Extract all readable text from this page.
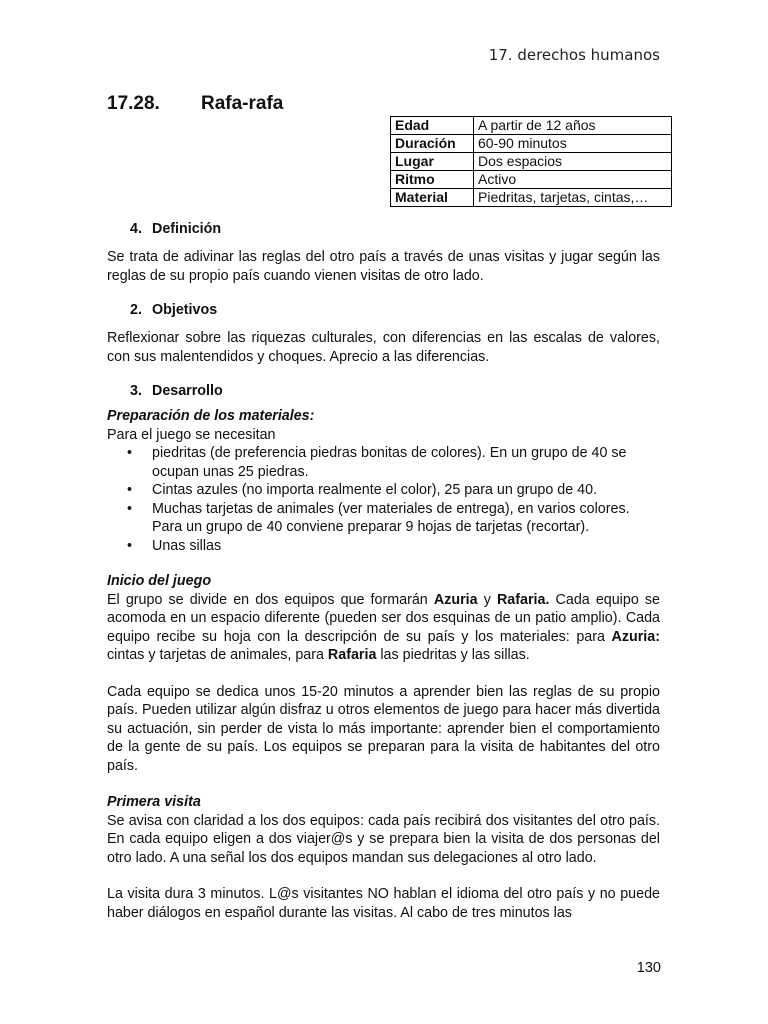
17. derechos humanos
17.28. Rafa-rafa
Edad	A partir de 12 años
Duración	60-90 minutos
Lugar	Dos espacios
Ritmo	Activo
Material	Piedritas, tarjetas, cintas,…
4. Definición

Se trata de adivinar las reglas del otro país a través de unas visitas y jugar según las reglas de su propio país cuando vienen visitas de otro lado.

2. Objetivos

Reflexionar sobre las riquezas culturales, con diferencias en las escalas de valores, con sus malentendidos y choques. Aprecio a las diferencias.

3. Desarrollo

Preparación de los materiales:

Para el juego se necesitan

• piedritas (de preferencia piedras bonitas de colores). En un grupo de 40 se ocupan unas 25 piedras.
• Cintas azules (no importa realmente el color), 25 para un grupo de 40.
• Muchas tarjetas de animales (ver materiales de entrega), en varios colores. Para un grupo de 40 conviene preparar 9 hojas de tarjetas (recortar).
• Unas sillas

Inicio del juego

El grupo se divide en dos equipos que formarán Azuria y Rafaria. Cada equipo se acomoda en un espacio diferente (pueden ser dos esquinas de un patio amplio). Cada equipo recibe su hoja con la descripción de su país y los materiales: para Azuria: cintas y tarjetas de animales, para Rafaria las piedritas y las sillas.

Cada equipo se dedica unos 15-20 minutos a aprender bien las reglas de su propio país. Pueden utilizar algún disfraz u otros elementos de juego para hacer más divertida su actuación, sin perder de vista lo más importante: aprender bien el comportamiento de la gente de su país. Los equipos se preparan para la visita de habitantes del otro país.

Primera visita

Se avisa con claridad a los dos equipos: cada país recibirá dos visitantes del otro país. En cada equipo eligen a dos viajer@s y se prepara bien la visita de dos personas del otro lado. A una señal los dos equipos mandan sus delegaciones al otro lado.

La visita dura 3 minutos. L@s visitantes NO hablan el idioma del otro país y no puede haber diálogos en español durante las visitas. Al cabo de tres minutos las

130
